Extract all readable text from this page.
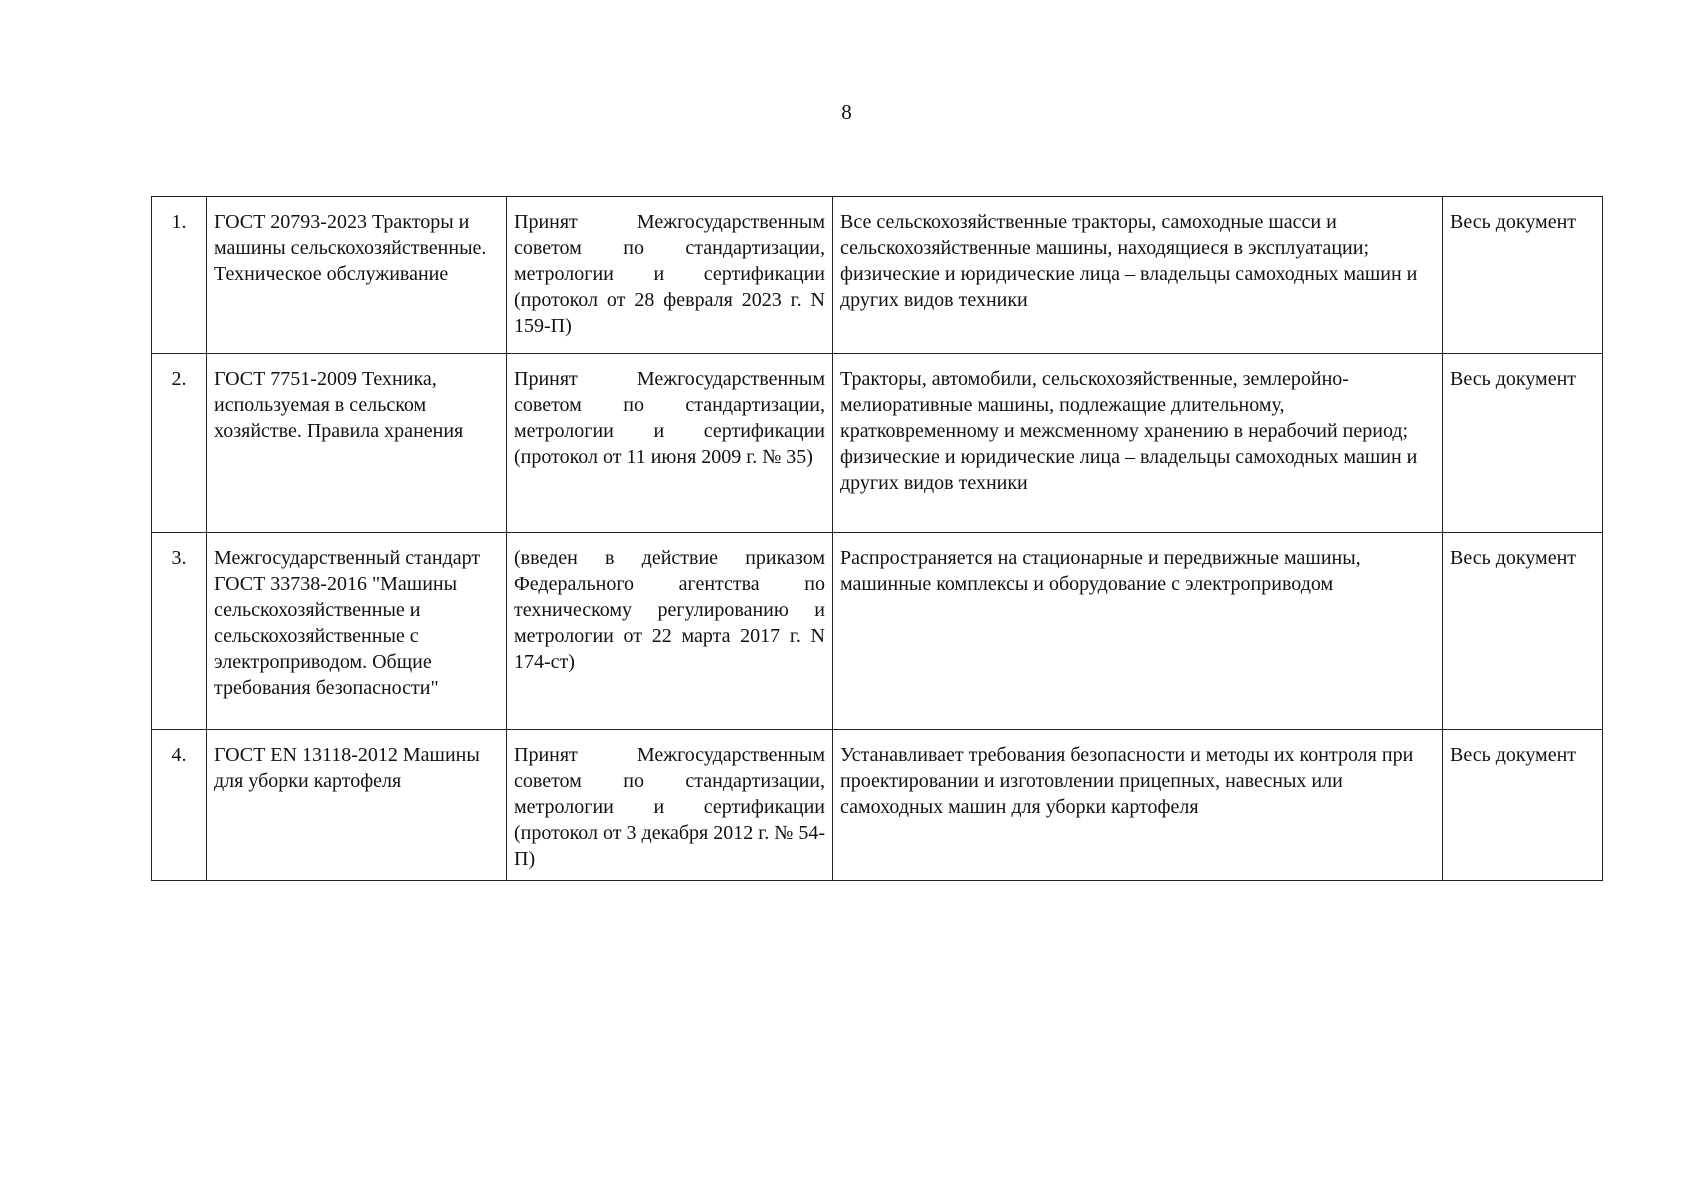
8
1.	ГОСТ 20793-2023 Тракторы и машины сельскохозяйственные. Техническое обслуживание	Принят Межгосударственным советом по стандартизации, метрологии и сертификации (протокол от 28 февраля 2023 г. N 159-П)	Все сельскохозяйственные тракторы, самоходные шасси и сельскохозяйственные машины, находящиеся в эксплуатации;
физические и юридические лица – владельцы самоходных машин и других видов техники	Весь документ
2.	ГОСТ 7751-2009 Техника, используемая в сельском хозяйстве. Правила хранения	Принят Межгосударственным советом по стандартизации, метрологии и сертификации (протокол от 11 июня 2009 г. № 35)	Тракторы, автомобили, сельскохозяйственные, землеройно-мелиоративные машины, подлежащие длительному, кратковременному и межсменному хранению в нерабочий период;
физические и юридические лица – владельцы самоходных машин и других видов техники	Весь документ
3.	Межгосударственный стандарт ГОСТ 33738-2016 "Машины сельскохозяйственные и сельскохозяйственные с электроприводом. Общие требования безопасности"	(введен в действие приказом Федерального агентства по техническому регулированию и метрологии от 22 марта 2017 г. N 174-ст)	Распространяется на стационарные и передвижные машины, машинные комплексы и оборудование с электроприводом	Весь документ
4.	ГОСТ EN 13118-2012 Машины для уборки картофеля	Принят Межгосударственным советом по стандартизации, метрологии и сертификации (протокол от 3 декабря 2012 г. № 54-П)	Устанавливает требования безопасности и методы их контроля при проектировании и изготовлении прицепных, навесных или самоходных машин для уборки картофеля	Весь документ
